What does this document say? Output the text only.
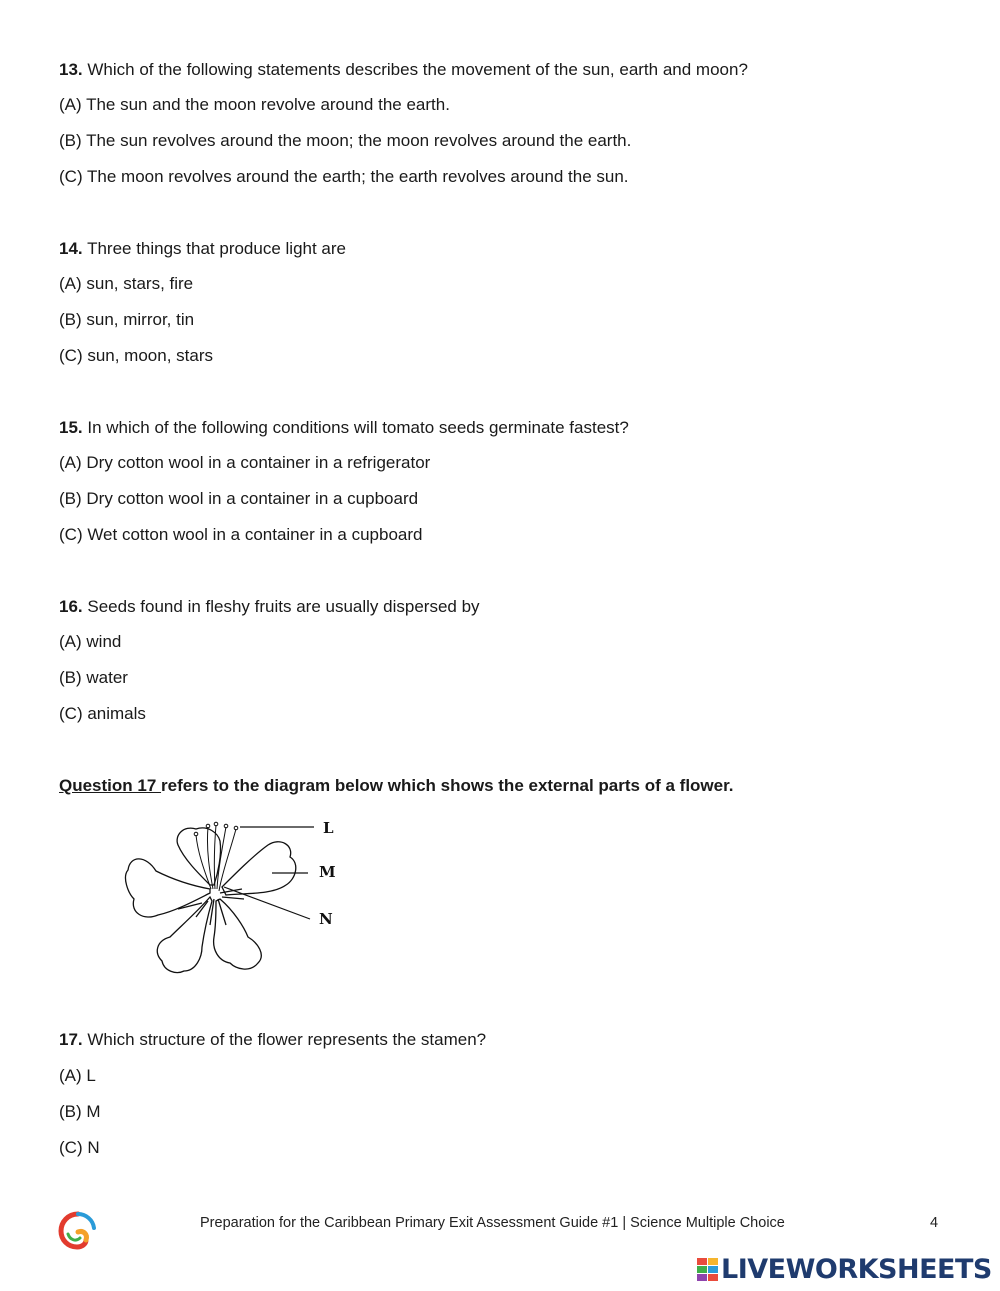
13. Which of the following statements describes the movement of the sun, earth and moon?
(A) The sun and the moon revolve around the earth.
(B) The sun revolves around the moon; the moon revolves around the earth.
(C) The moon revolves around the earth; the earth revolves around the sun.
14. Three things that produce light are
(A) sun, stars, fire
(B) sun, mirror, tin
(C) sun, moon, stars
15. In which of the following conditions will tomato seeds germinate fastest?
(A) Dry cotton wool in a container in a refrigerator
(B) Dry cotton wool in a container in a cupboard
(C) Wet cotton wool in a container in a cupboard
16. Seeds found in fleshy fruits are usually dispersed by
(A) wind
(B) water
(C) animals
Question 17 refers to the diagram below which shows the external parts of a flower.
L
M
N
17. Which structure of the flower represents the stamen?
(A) L
(B) M
(C) N
Preparation for the Caribbean Primary Exit Assessment Guide #1 | Science Multiple Choice	4
LIVEWORKSHEETS
